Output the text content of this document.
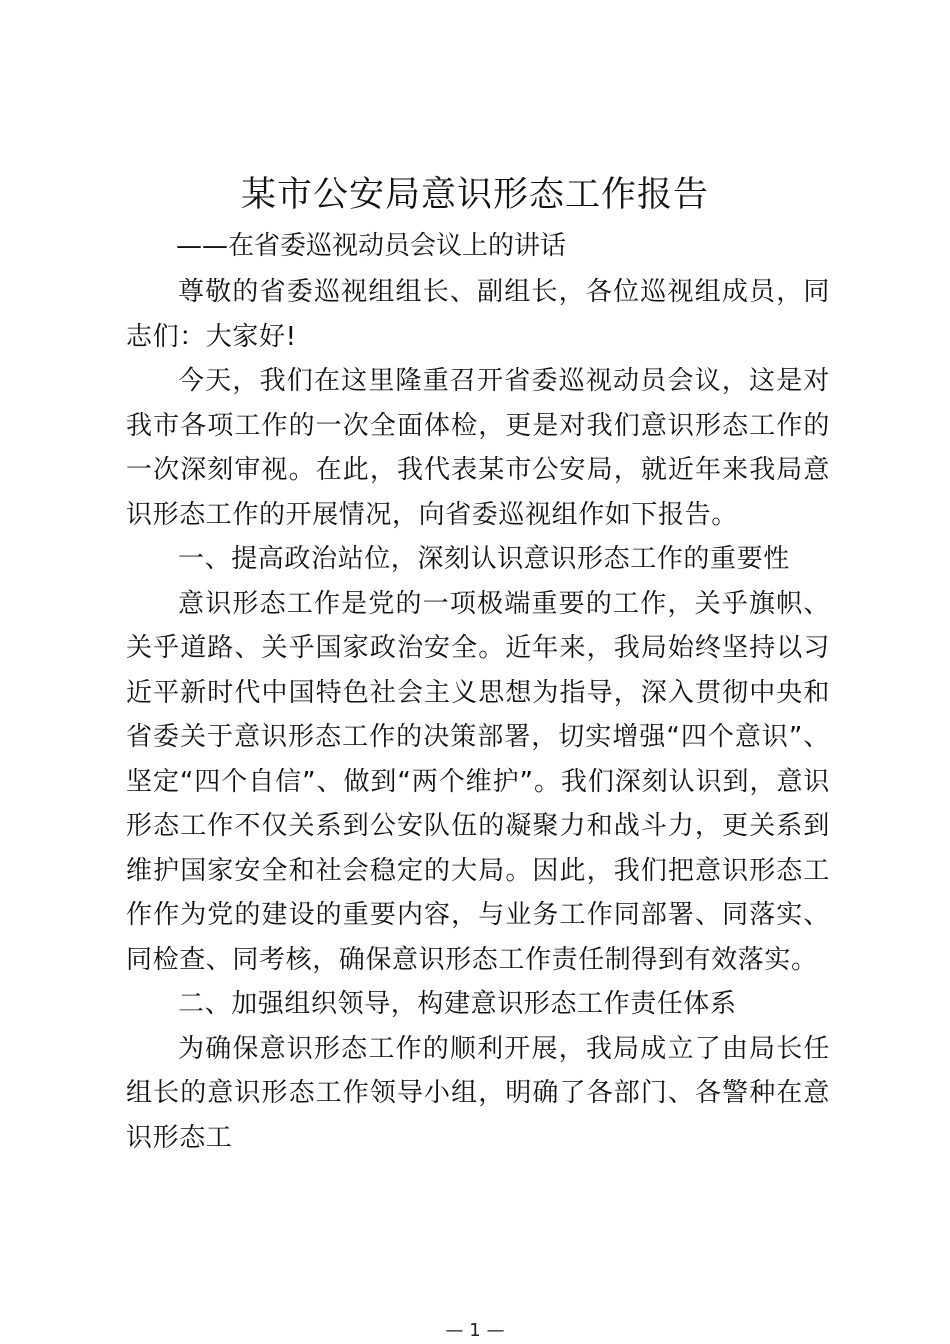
某市公安局意识形态工作报告
——在省委巡视动员会议上的讲话

尊敬的省委巡视组组长、副组长，各位巡视组成员，同志们：大家好!

今天，我们在这里隆重召开省委巡视动员会议，这是对我市各项工作的一次全面体检，更是对我们意识形态工作的一次深刻审视。在此，我代表某市公安局，就近年来我局意识形态工作的开展情况，向省委巡视组作如下报告。

一、提高政治站位，深刻认识意识形态工作的重要性

意识形态工作是党的一项极端重要的工作，关乎旗帜、关乎道路、关乎国家政治安全。近年来，我局始终坚持以习近平新时代中国特色社会主义思想为指导，深入贯彻中央和省委关于意识形态工作的决策部署，切实增强“四个意识”、坚定“四个自信”、做到“两个维护”。我们深刻认识到，意识形态工作不仅关系到公安队伍的凝聚力和战斗力，更关系到维护国家安全和社会稳定的大局。因此，我们把意识形态工作作为党的建设的重要内容，与业务工作同部署、同落实、同检查、同考核，确保意识形态工作责任制得到有效落实。

二、加强组织领导，构建意识形态工作责任体系

为确保意识形态工作的顺利开展，我局成立了由局长任组长的意识形态工作领导小组，明确了各部门、各警种在意识形态工

— 1 —
